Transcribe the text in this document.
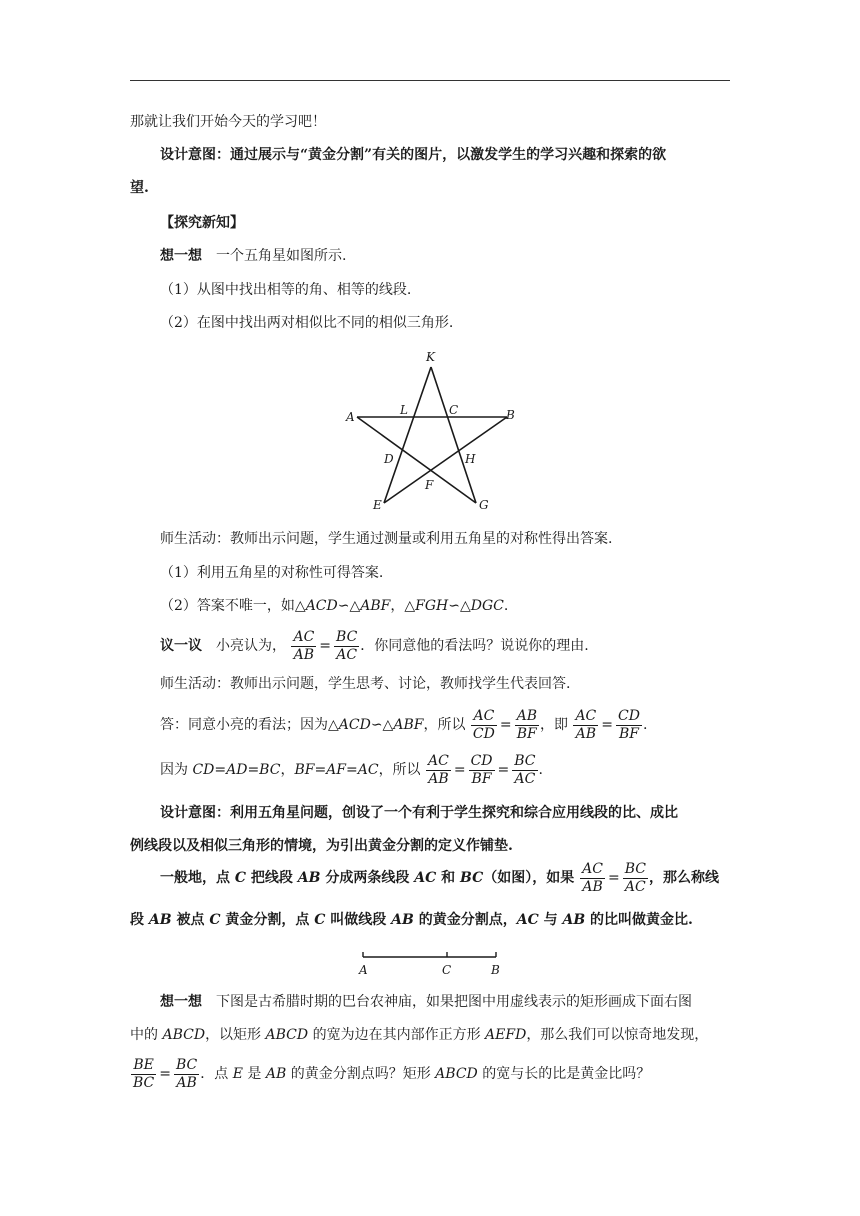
那就让我们开始今天的学习吧！
设计意图：通过展示与“黄金分割”有关的图片，以激发学生的学习兴趣和探索的欲
望.
【探究新知】
想一想 一个五角星如图所示.
（1）从图中找出相等的角、相等的线段.
（2）在图中找出两对相似比不同的相似三角形.
K
A	L	C	B
D	H
F
E	G
师生活动：教师出示问题，学生通过测量或利用五角星的对称性得出答案.
（1）利用五角星的对称性可得答案.
（2）答案不唯一，如△ACD∽△ABF，△FGH∽△DGC.
议一议 小亮认为， $\frac{AC}{AB} = \frac{BC}{AC}$ ．你同意他的看法吗？说说你的理由.
师生活动：教师出示问题，学生思考、讨论，教师找学生代表回答.
答：同意小亮的看法；因为△ACD∽△ABF，所以 $\frac{AC}{CD} = \frac{AB}{BF}$ ，即 $\frac{AC}{AB} = \frac{CD}{BF}$ .
因为 CD=AD=BC，BF=AF=AC，所以 $\frac{AC}{AB} = \frac{CD}{BF} = \frac{BC}{AC}$ .
设计意图：利用五角星问题，创设了一个有利于学生探究和综合应用线段的比、成比
例线段以及相似三角形的情境，为引出黄金分割的定义作铺垫.
一般地，点 C 把线段 AB 分成两条线段 AC 和 BC（如图），如果 $\frac{AC}{AB} = \frac{BC}{AC}$ ，那么称线
段 AB 被点 C 黄金分割，点 C 叫做线段 AB 的黄金分割点，AC 与 AB 的比叫做黄金比.
A	C	B
想一想 下图是古希腊时期的巴台农神庙，如果把图中用虚线表示的矩形画成下面右图
中的 ABCD，以矩形 ABCD 的宽为边在其内部作正方形 AEFD，那么我们可以惊奇地发现，
$\frac{BE}{BC} = \frac{BC}{AB}$ ．点 E 是 AB 的黄金分割点吗？矩形 ABCD 的宽与长的比是黄金比吗？
